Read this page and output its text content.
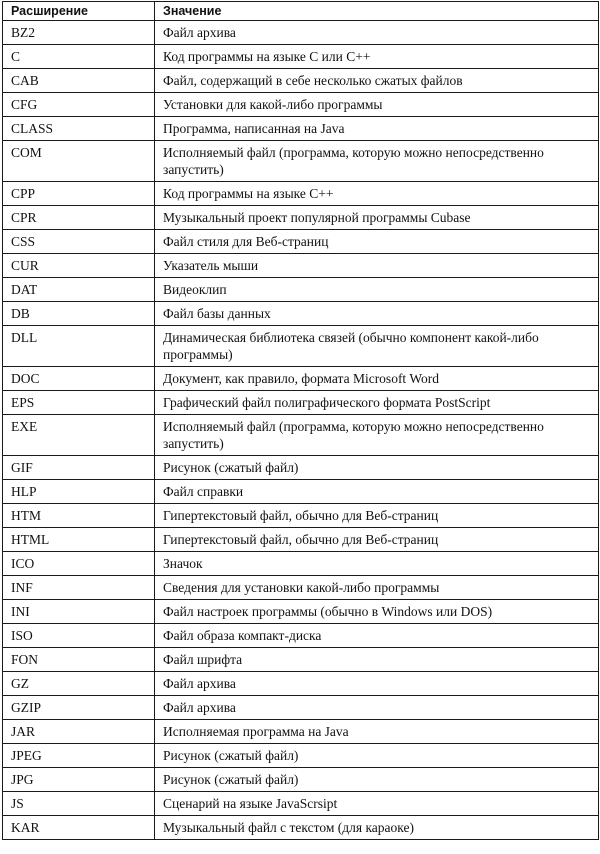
Расширение	Значение
BZ2	Файл архива
C	Код программы на языке С или С++
CAB	Файл, содержащий в себе несколько сжатых файлов
CFG	Установки для какой-либо программы
CLASS	Программа, написанная на Java
COM	Исполняемый файл (программа, которую можно непосредственно запустить)
CPP	Код программы на языке С++
CPR	Музыкальный проект популярной программы Cubase
CSS	Файл стиля для Веб-страниц
CUR	Указатель мыши
DAT	Видеоклип
DB	Файл базы данных
DLL	Динамическая библиотека связей (обычно компонент какой-либо программы)
DOC	Документ, как правило, формата Microsoft Word
EPS	Графический файл полиграфического формата PostScript
EXE	Исполняемый файл (программа, которую можно непосредственно запустить)
GIF	Рисунок (сжатый файл)
HLP	Файл справки
HTM	Гипертекстовый файл, обычно для Веб-страниц
HTML	Гипертекстовый файл, обычно для Веб-страниц
ICO	Значок
INF	Сведения для установки какой-либо программы
INI	Файл настроек программы (обычно в Windows или DOS)
ISO	Файл образа компакт-диска
FON	Файл шрифта
GZ	Файл архива
GZIP	Файл архива
JAR	Исполняемая программа на Java
JPEG	Рисунок (сжатый файл)
JPG	Рисунок (сжатый файл)
JS	Сценарий на языке JavaScrsipt
KAR	Музыкальный файл с текстом (для караоке)
